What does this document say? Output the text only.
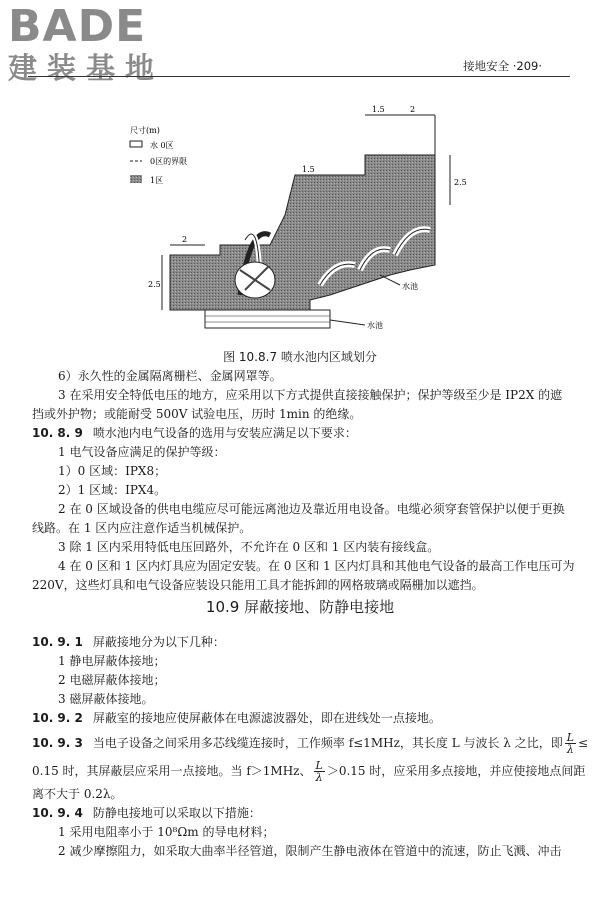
BADE
建装基地	接地安全 ·209·
尺寸(m)
水 0区
0区的界限
1区
1.5	2
1.5
2.5
2
2.5	水池
水池
图 10.8.7 喷水池内区域划分
6）永久性的金属隔离栅栏、金属网罩等。
3 在采用安全特低电压的地方，应采用以下方式提供直接接触保护；保护等级至少是 IP2X 的遮
挡或外护物；或能耐受 500V 试验电压，历时 1min 的绝缘。
10. 8. 9 喷水池内电气设备的选用与安装应满足以下要求：
1 电气设备应满足的保护等级：
1）0 区域：IPX8；
2）1 区域：IPX4。
2 在 0 区域设备的供电电缆应尽可能远离池边及靠近用电设备。电缆必须穿套管保护以便于更换
线路。在 1 区内应注意作适当机械保护。
3 除 1 区内采用特低电压回路外，不允许在 0 区和 1 区内装有接线盒。
4 在 0 区和 1 区内灯具应为固定安装。在 0 区和 1 区内灯具和其他电气设备的最高工作电压可为
220V，这些灯具和电气设备应装设只能用工具才能拆卸的网格玻璃或隔栅加以遮挡。
10.9 屏蔽接地、防静电接地
10. 9. 1 屏蔽接地分为以下几种：
1 静电屏蔽体接地；
2 电磁屏蔽体接地；
3 磁屏蔽体接地。
10. 9. 2 屏蔽室的接地应使屏蔽体在电源滤波器处，即在进线处一点接地。
10. 9. 3 当电子设备之间采用多芯线缆连接时，工作频率 f≤1MHz，其长度 L 与波长 λ 之比，即 $\frac{L}{\lambda}$ ≤
0.15 时，其屏蔽层应采用一点接地。当 f＞1MHz、 $\frac{L}{\lambda} >0.15$ 时，应采用多点接地，并应使接地点间距
离不大于 0.2λ。
10. 9. 4 防静电接地可以采取以下措施：
1 采用电阻率小于 10⁸Ωm 的导电材料；
2 减少摩擦阻力，如采取大曲率半径管道，限制产生静电液体在管道中的流速，防止飞溅、冲击
